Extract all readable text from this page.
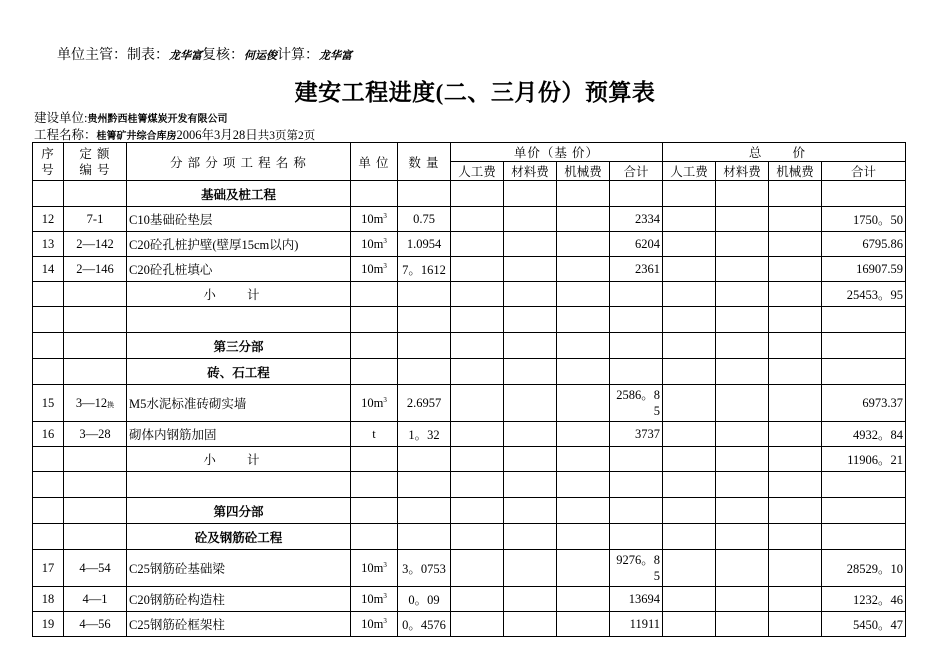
单位主管：制表：龙华富复核：何运俊计算：龙华富
建安工程进度(二、三月份）预算表
建设单位:贵州黔西桂箐煤炭开发有限公司
工程名称：桂箐矿井综合库房2006年3月28日共3页第2页
序
号	定 额
编 号	分 部 分 项 工 程 名 称	单 位	数 量	单价（基 价）				总 价			
					人工费	材料费	机械费	合计	人工费	材料费	机械费	合计
		基础及桩工程										
12	7-1	C10基础砼垫层	$10m^3$	0.75				2334				1750。50
13	2—142	C20砼孔桩护壁(壁厚15cm以内)	$10m^3$	1.0954				6204				6795.86
14	2—146	C20砼孔桩填心	$10m^3$	7。1612				2361				16907.59
		小 计										25453。95

		第三分部										
		砖、石工程										
15	3—12换	M5水泥标准砖砌实墙	$10m^3$	2.6957				2586。85				6973.37
16	3—28	砌体内钢筋加固	t	1。32				3737				4932。84
		小 计										11906。21

		第四分部										
		砼及钢筋砼工程										
17	4—54	C25钢筋砼基础梁	$10m^3$	3。0753				9276。85				28529。10
18	4—1	C20钢筋砼构造柱	$10m^3$	0。09				13694				1232。46
19	4—56	C25钢筋砼框架柱	$10m^3$	0。4576				11911				5450。47
